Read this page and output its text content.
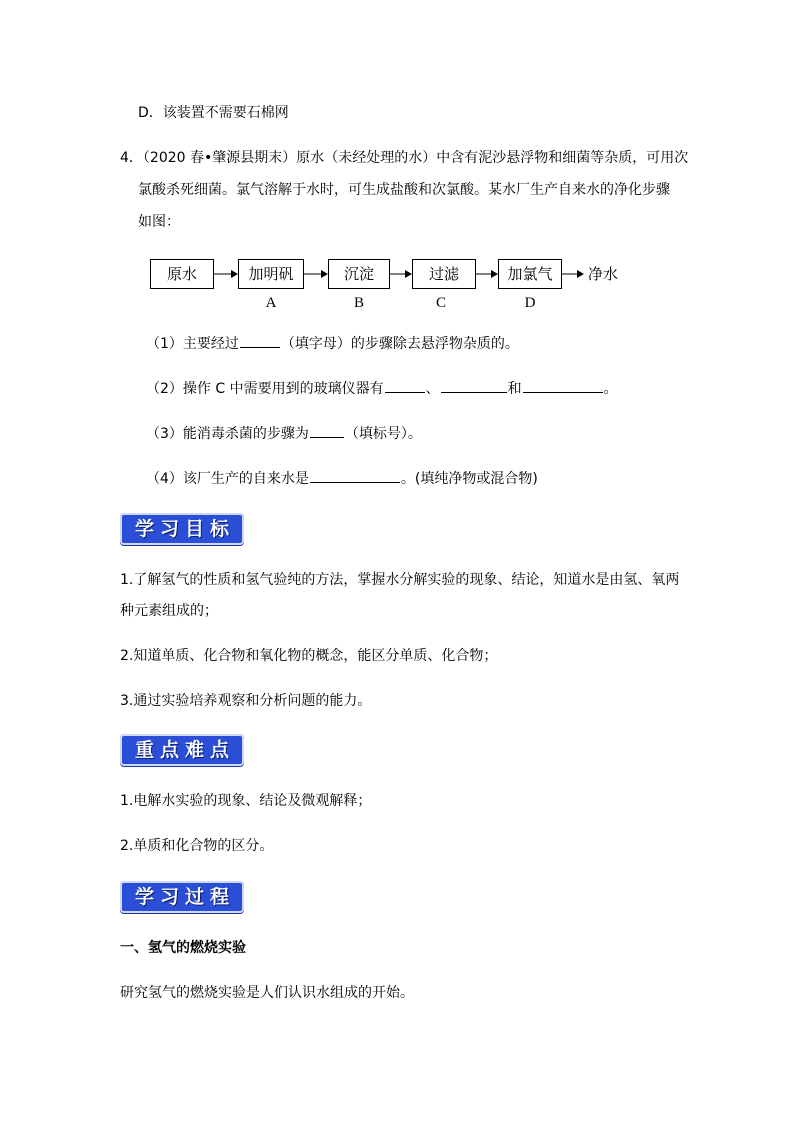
D．该装置不需要石棉网
4．（2020 春•肇源县期末）原水（未经处理的水）中含有泥沙悬浮物和细菌等杂质，可用次
氯酸杀死细菌。氯气溶解于水时，可生成盐酸和次氯酸。某水厂生产自来水的净化步骤
如图：
原水	加明矾
A
沉淀
B
过滤
C
加氯气
D
净水
（1）主要经过	（填字母）的步骤除去悬浮物杂质的。
（2）操作 C 中需要用到的玻璃仪器有	、	和	。
（3）能消毒杀菌的步骤为	（填标号）。
（4）该厂生产的自来水是	。(填纯净物或混合物)
学习目标
1.了解氢气的性质和氢气验纯的方法，掌握水分解实验的现象、结论，知道水是由氢、氧两
种元素组成的；
2.知道单质、化合物和氧化物的概念，能区分单质、化合物；
3.通过实验培养观察和分析问题的能力。
重点难点
1.电解水实验的现象、结论及微观解释；
2.单质和化合物的区分。
学习过程
一、氢气的燃烧实验
研究氢气的燃烧实验是人们认识水组成的开始。
